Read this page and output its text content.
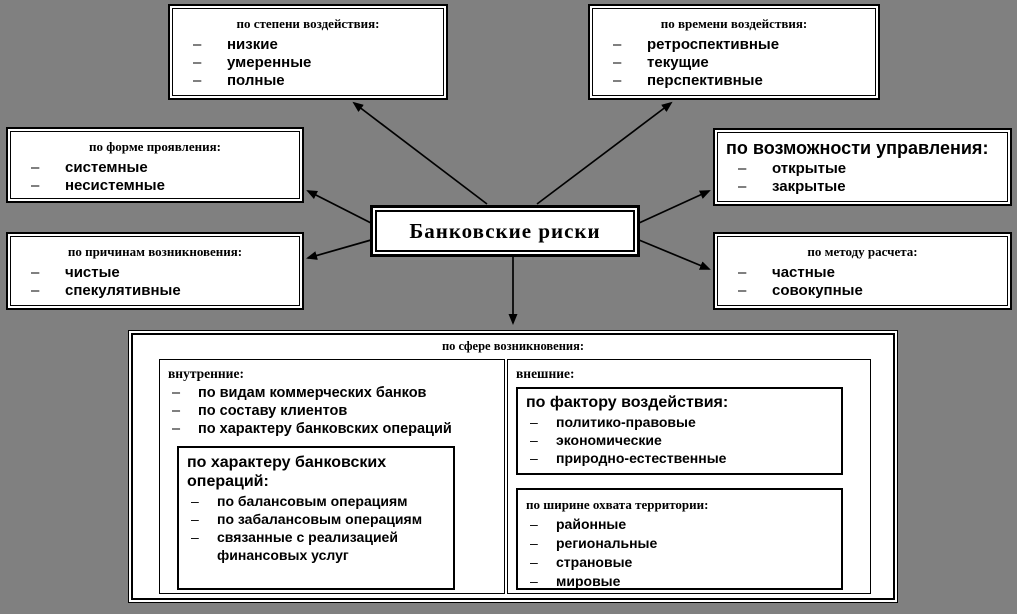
по степени воздействия:
– низкие
– умеренные
– полные
по времени воздействия:
– ретроспективные
– текущие
– перспективные
по форме проявления:
– системные
– несистемные
по возможности управления:
– открытые
– закрытые
по причинам возникновения:
– чистые
– спекулятивные
по методу расчета:
– частные
– совокупные
Банковские риски
по сфере возникновения:
внутренние:
– по видам коммерческих банков
– по составу клиентов
– по характеру банковских операций
по характеру банковских операций:
– по балансовым операциям
– по забалансовым операциям
– связанные с реализацией финансовых услуг
внешние:
по фактору воздействия:
– политико-правовые
– экономические
– природно-естественные
по ширине охвата территории:
– районные
– региональные
– страновые
– мировые
